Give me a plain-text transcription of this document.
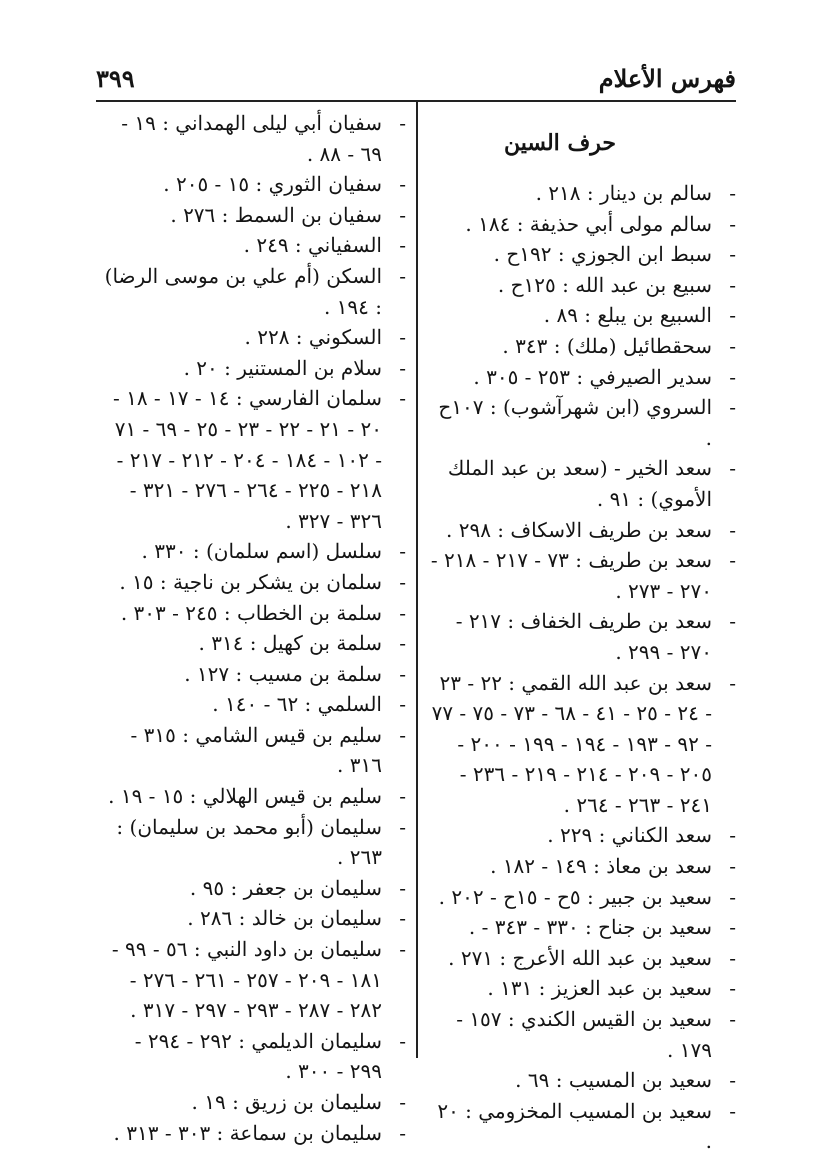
٣٩٩	فهرس الأعلام
حرف السين
-
سالم بن دينار : ٢١٨ .
-
سالم مولى أبي حذيفة : ١٨٤ .
-
سبط ابن الجوزي : ١٩٢ح .
-
سبيع بن عبد الله : ١٢٥ح .
-
السبيع بن يبلع : ٨٩ .
-
سحقطائيل (ملك) : ٣٤٣ .
-
سدير الصيرفي : ٢٥٣ - ٣٠٥ .
-
السروي (ابن شهرآشوب) : ١٠٧ح .
-
سعد الخير - (سعد بن عبد الملك الأموي) : ٩١ .
-
سعد بن طريف الاسكاف : ٢٩٨ .
-
سعد بن طريف : ٧٣ - ٢١٧ - ٢١٨ - ٢٧٠ - ٢٧٣ .
-
سعد بن طريف الخفاف : ٢١٧ - ٢٧٠ - ٢٩٩ .
-
سعد بن عبد الله القمي : ٢٢ - ٢٣ - ٢٤ - ٢٥ - ٤١ - ٦٨ - ٧٣ - ٧٥ - ٧٧ - ٩٢ - ١٩٣ - ١٩٤ - ١٩٩ - ٢٠٠ - ٢٠٥ - ٢٠٩ - ٢١٤ - ٢١٩ - ٢٣٦ - ٢٤١ - ٢٦٣ - ٢٦٤ .
-
سعد الكناني : ٢٢٩ .
-
سعد بن معاذ : ١٤٩ - ١٨٢ .
-
سعيد بن جبير : ٥ح - ١٥ح - ٢٠٢ .
-
سعيد بن جناح : ٣٣٠ - ٣٤٣ - .
-
سعيد بن عبد الله الأعرج : ٢٧١ .
-
سعيد بن عبد العزيز : ١٣١ .
-
سعيد بن القيس الكندي : ١٥٧ - ١٧٩ .
-
سعيد بن المسيب : ٦٩ .
-
سعيد بن المسيب المخزومي : ٢٠ .
-
سفيان أبي ليلى الهمداني : ١٩ - ٦٩ - ٨٨ .
-
سفيان الثوري : ١٥ - ٢٠٥ .
-
سفيان بن السمط : ٢٧٦ .
-
السفياني : ٢٤٩ .
-
السكن (أم علي بن موسى الرضا) : ١٩٤ .
-
السكوني : ٢٢٨ .
-
سلام بن المستنير : ٢٠ .
-
سلمان الفارسي : ١٤ - ١٧ - ١٨ - ٢٠ - ٢١ - ٢٢ - ٢٣ - ٢٥ - ٦٩ - ٧١ - ١٠٢ - ١٨٤ - ٢٠٤ - ٢١٢ - ٢١٧ - ٢١٨ - ٢٢٥ - ٢٦٤ - ٢٧٦ - ٣٢١ - ٣٢٦ - ٣٢٧ .
-
سلسل (اسم سلمان) : ٣٣٠ .
-
سلمان بن يشكر بن ناجية : ١٥ .
-
سلمة بن الخطاب : ٢٤٥ - ٣٠٣ .
-
سلمة بن كهيل : ٣١٤ .
-
سلمة بن مسيب : ١٢٧ .
-
السلمي : ٦٢ - ١٤٠ .
-
سليم بن قيس الشامي : ٣١٥ - ٣١٦ .
-
سليم بن قيس الهلالي : ١٥ - ١٩ .
-
سليمان (أبو محمد بن سليمان) : ٢٦٣ .
-
سليمان بن جعفر : ٩٥ .
-
سليمان بن خالد : ٢٨٦ .
-
سليمان بن داود النبي : ٥٦ - ٩٩ - ١٨١ - ٢٠٩ - ٢٥٧ - ٢٦١ - ٢٧٦ - ٢٨٢ - ٢٨٧ - ٢٩٣ - ٢٩٧ - ٣١٧ .
-
سليمان الديلمي : ٢٩٢ - ٢٩٤ - ٢٩٩ - ٣٠٠ .
-
سليمان بن زريق : ١٩ .
-
سليمان بن سماعة : ٣٠٣ - ٣١٣ .
